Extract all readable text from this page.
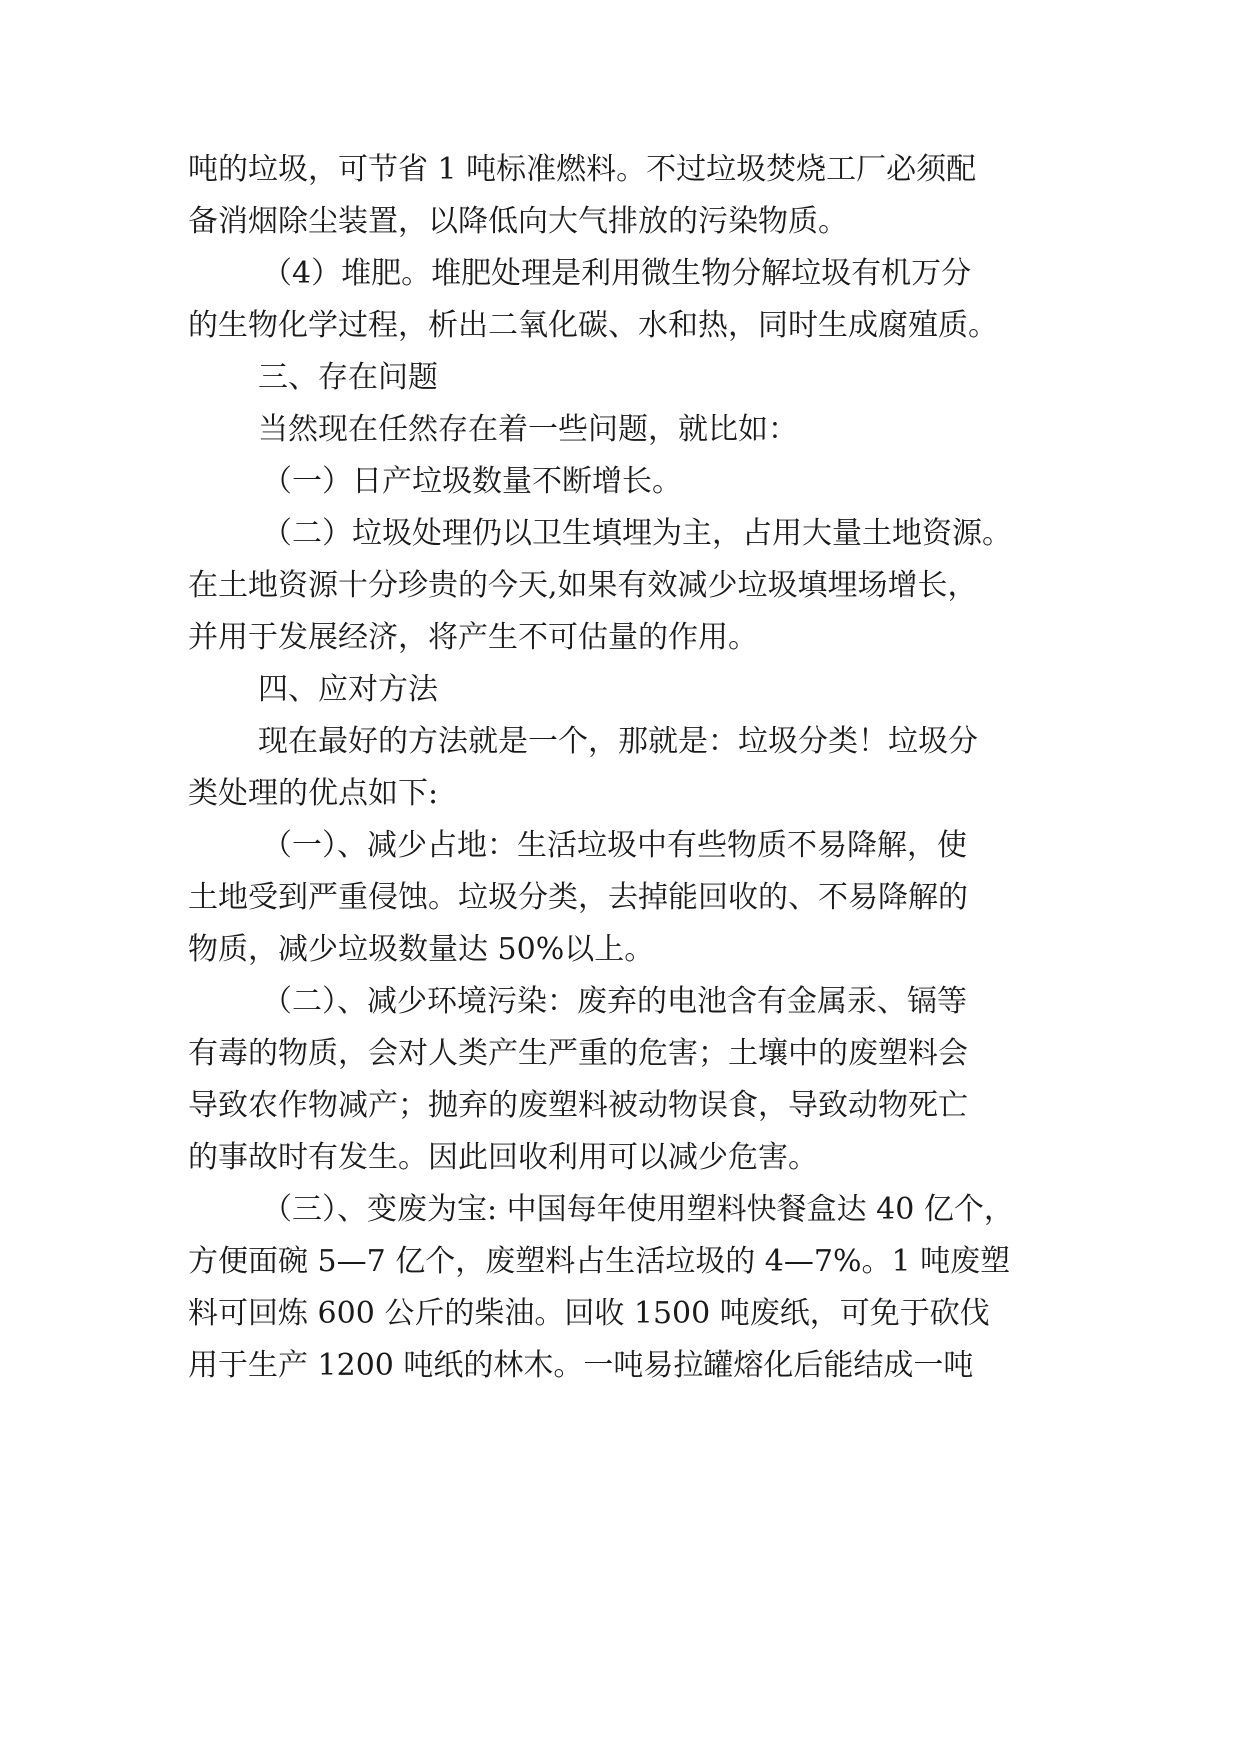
吨的垃圾，可节省 1 吨标准燃料。不过垃圾焚烧工厂必须配
备消烟除尘装置，以降低向大气排放的污染物质。
（4）堆肥。堆肥处理是利用微生物分解垃圾有机万分
的生物化学过程，析出二氧化碳、水和热，同时生成腐殖质。
三、存在问题
当然现在任然存在着一些问题，就比如：
（一）日产垃圾数量不断增长。
（二）垃圾处理仍以卫生填埋为主，占用大量土地资源。
在土地资源十分珍贵的今天,如果有效减少垃圾填埋场增长，
并用于发展经济，将产生不可估量的作用。
四、应对方法
现在最好的方法就是一个，那就是：垃圾分类！垃圾分
类处理的优点如下:
（一）、减少占地：生活垃圾中有些物质不易降解，使
土地受到严重侵蚀。垃圾分类，去掉能回收的、不易降解的
物质，减少垃圾数量达 50%以上。
（二）、减少环境污染：废弃的电池含有金属汞、镉等
有毒的物质，会对人类产生严重的危害；土壤中的废塑料会
导致农作物减产；抛弃的废塑料被动物误食，导致动物死亡
的事故时有发生。因此回收利用可以减少危害。
（三）、变废为宝: 中国每年使用塑料快餐盒达 40 亿个，
方便面碗 5—7 亿个，废塑料占生活垃圾的 4—7%。1 吨废塑
料可回炼 600 公斤的柴油。回收 1500 吨废纸，可免于砍伐
用于生产 1200 吨纸的林木。一吨易拉罐熔化后能结成一吨
